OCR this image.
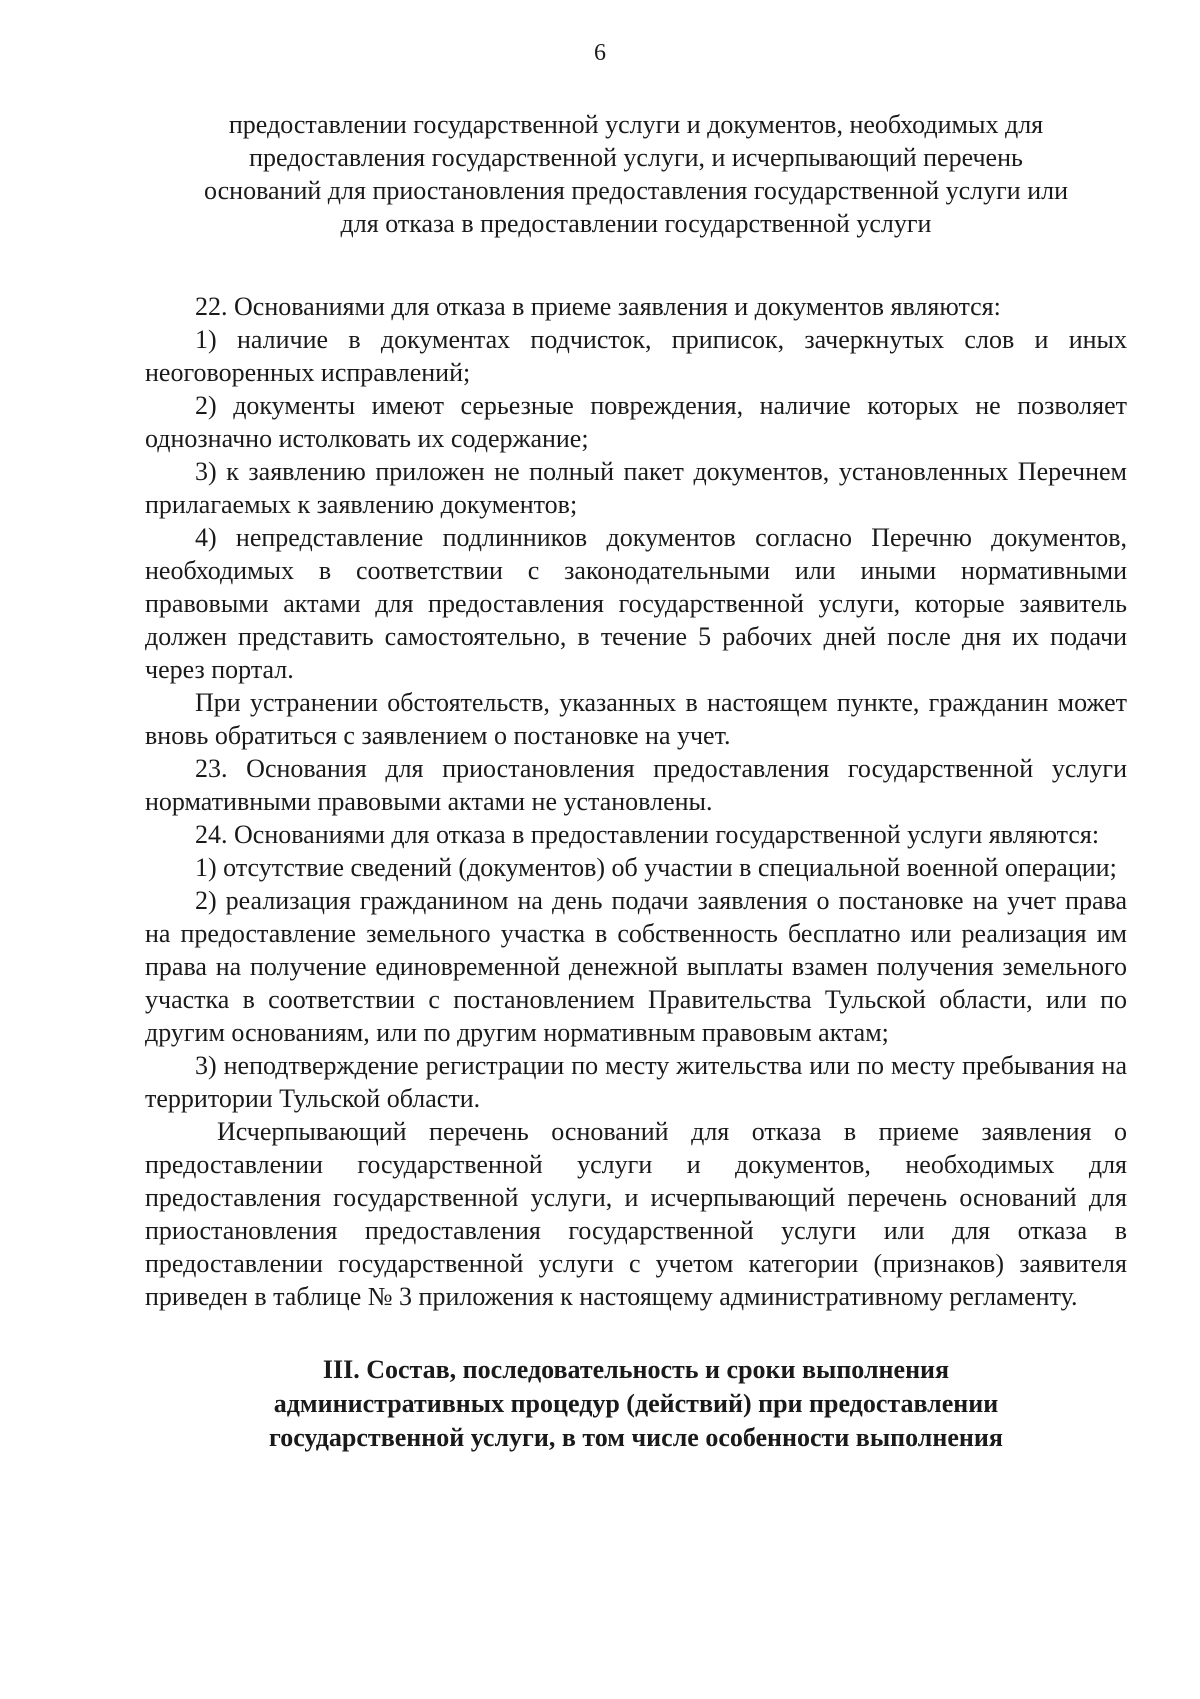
6
предоставлении государственной услуги и документов, необходимых для
предоставления государственной услуги, и исчерпывающий перечень
оснований для приостановления предоставления государственной услуги или
для отказа в предоставлении государственной услуги

22. Основаниями для отказа в приеме заявления и документов являются:

1) наличие в документах подчисток, приписок, зачеркнутых слов и иных неоговоренных исправлений;

2) документы имеют серьезные повреждения, наличие которых не позволяет однозначно истолковать их содержание;

3) к заявлению приложен не полный пакет документов, установленных Перечнем прилагаемых к заявлению документов;

4) непредставление подлинников документов согласно Перечню документов, необходимых в соответствии с законодательными или иными нормативными правовыми актами для предоставления государственной услуги, которые заявитель должен представить самостоятельно, в течение 5 рабочих дней после дня их подачи через портал.

При устранении обстоятельств, указанных в настоящем пункте, гражданин может вновь обратиться с заявлением о постановке на учет.

23. Основания для приостановления предоставления государственной услуги нормативными правовыми актами не установлены.

24. Основаниями для отказа в предоставлении государственной услуги являются:

1) отсутствие сведений (документов) об участии в специальной военной операции;

2) реализация гражданином на день подачи заявления о постановке на учет права на предоставление земельного участка в собственность бесплатно или реализация им права на получение единовременной денежной выплаты взамен получения земельного участка в соответствии с постановлением Правительства Тульской области, или по другим основаниям, или по другим нормативным правовым актам;

3) неподтверждение регистрации по месту жительства или по месту пребывания на территории Тульской области.

Исчерпывающий перечень оснований для отказа в приеме заявления о предоставлении государственной услуги и документов, необходимых для предоставления государственной услуги, и исчерпывающий перечень оснований для приостановления предоставления государственной услуги или для отказа в предоставлении государственной услуги с учетом категории (признаков) заявителя приведен в таблице № 3 приложения к настоящему административному регламенту.

III. Состав, последовательность и сроки выполнения
административных процедур (действий) при предоставлении
государственной услуги, в том числе особенности выполнения
